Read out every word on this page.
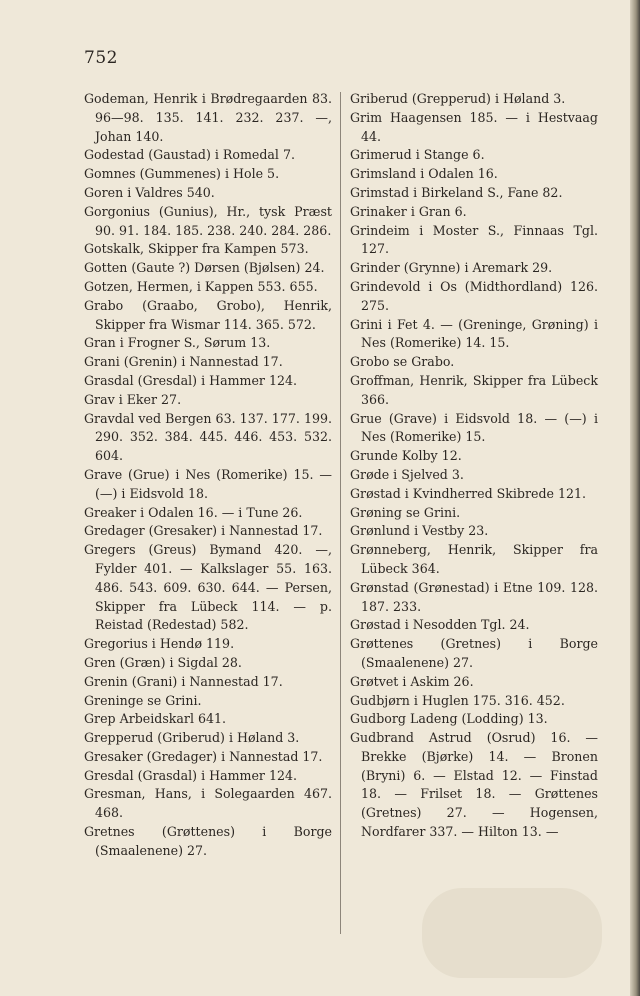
752
Godeman, Henrik i Brødregaarden 83. 96—98. 135. 141. 232. 237. —, Johan 140.
Godestad (Gaustad) i Romedal 7.
Gomnes (Gummenes) i Hole 5.
Goren i Valdres 540.
Gorgonius (Gunius), Hr., tysk Præst 90. 91. 184. 185. 238. 240. 284. 286.
Gotskalk, Skipper fra Kampen 573.
Gotten (Gaute ?) Dørsen (Bjølsen) 24.
Gotzen, Hermen, i Kappen 553. 655.
Grabo (Graabo, Grobo), Henrik, Skipper fra Wismar 114. 365. 572.
Gran i Frogner S., Sørum 13.
Grani (Grenin) i Nannestad 17.
Grasdal (Gresdal) i Hammer 124.
Grav i Eker 27.
Gravdal ved Bergen 63. 137. 177. 199. 290. 352. 384. 445. 446. 453. 532. 604.
Grave (Grue) i Nes (Romerike) 15. — (—) i Eidsvold 18.
Greaker i Odalen 16. — i Tune 26.
Gredager (Gresaker) i Nannestad 17.
Gregers (Greus) Bymand 420. —, Fylder 401. — Kalkslager 55. 163. 486. 543. 609. 630. 644. — Persen, Skipper fra Lübeck 114. — p. Reistad (Redestad) 582.
Gregorius i Hendø 119.
Gren (Græn) i Sigdal 28.
Grenin (Grani) i Nannestad 17.
Greninge se Grini.
Grep Arbeidskarl 641.
Grepperud (Griberud) i Høland 3.
Gresaker (Gredager) i Nannestad 17.
Gresdal (Grasdal) i Hammer 124.
Gresman, Hans, i Solegaarden 467. 468.
Gretnes (Grøttenes) i Borge (Smaalenene) 27.
Griberud (Grepperud) i Høland 3.
Grim Haagensen 185. — i Hestvaag 44.
Grimerud i Stange 6.
Grimsland i Odalen 16.
Grimstad i Birkeland S., Fane 82.
Grinaker i Gran 6.
Grindeim i Moster S., Finnaas Tgl. 127.
Grinder (Grynne) i Aremark 29.
Grindevold i Os (Midthordland) 126. 275.
Grini i Fet 4. — (Greninge, Grøning) i Nes (Romerike) 14. 15.
Grobo se Grabo.
Groffman, Henrik, Skipper fra Lübeck 366.
Grue (Grave) i Eidsvold 18. — (—) i Nes (Romerike) 15.
Grunde Kolby 12.
Grøde i Sjelved 3.
Grøstad i Kvindherred Skibrede 121.
Grøning se Grini.
Grønlund i Vestby 23.
Grønneberg, Henrik, Skipper fra Lübeck 364.
Grønstad (Grønestad) i Etne 109. 128. 187. 233.
Grøstad i Nesodden Tgl. 24.
Grøttenes (Gretnes) i Borge (Smaalenene) 27.
Grøtvet i Askim 26.
Gudbjørn i Huglen 175. 316. 452.
Gudborg Ladeng (Lodding) 13.
Gudbrand Astrud (Osrud) 16. — Brekke (Bjørke) 14. — Bronen (Bryni) 6. — Elstad 12. — Finstad 18. — Frilset 18. — Grøttenes (Gretnes) 27. — Hogensen, Nordfarer 337. — Hilton 13. —
